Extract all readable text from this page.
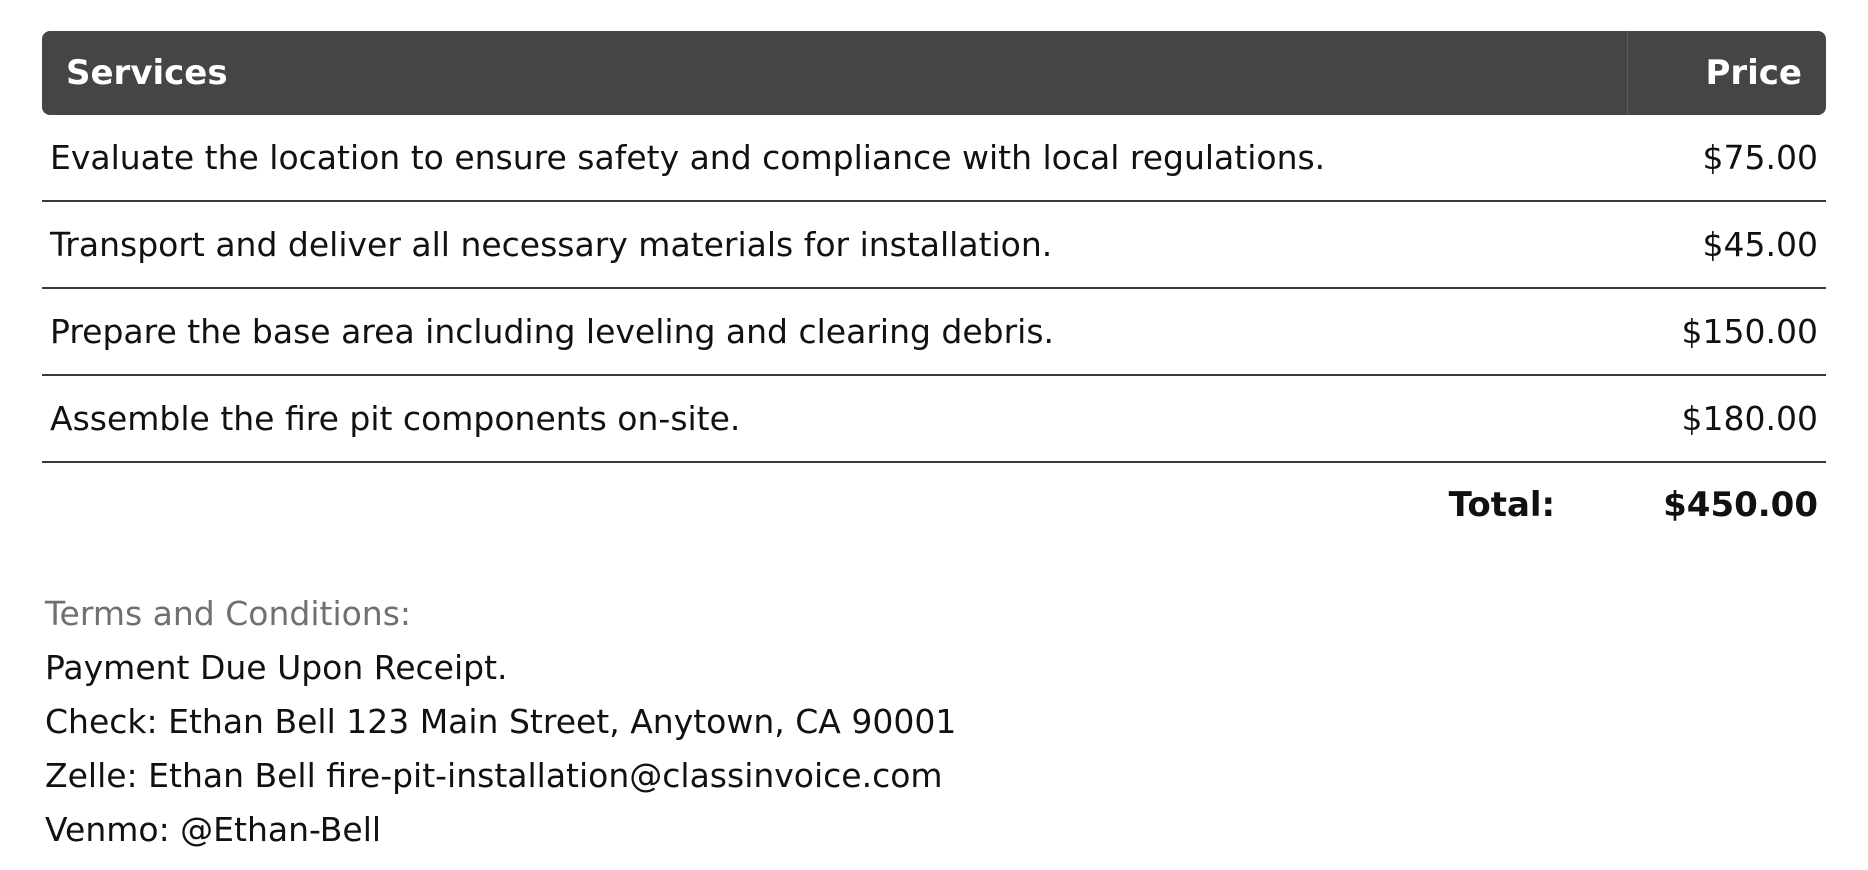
Services	Price
Evaluate the location to ensure safety and compliance with local regulations.	$75.00
Transport and deliver all necessary materials for installation.	$45.00
Prepare the base area including leveling and clearing debris.	$150.00
Assemble the fire pit components on-site.	$180.00
Total:	$450.00
Terms and Conditions:
Payment Due Upon Receipt.
Check: Ethan Bell 123 Main Street, Anytown, CA 90001
Zelle: Ethan Bell fire-pit-installation@classinvoice.com
Venmo: @Ethan-Bell
